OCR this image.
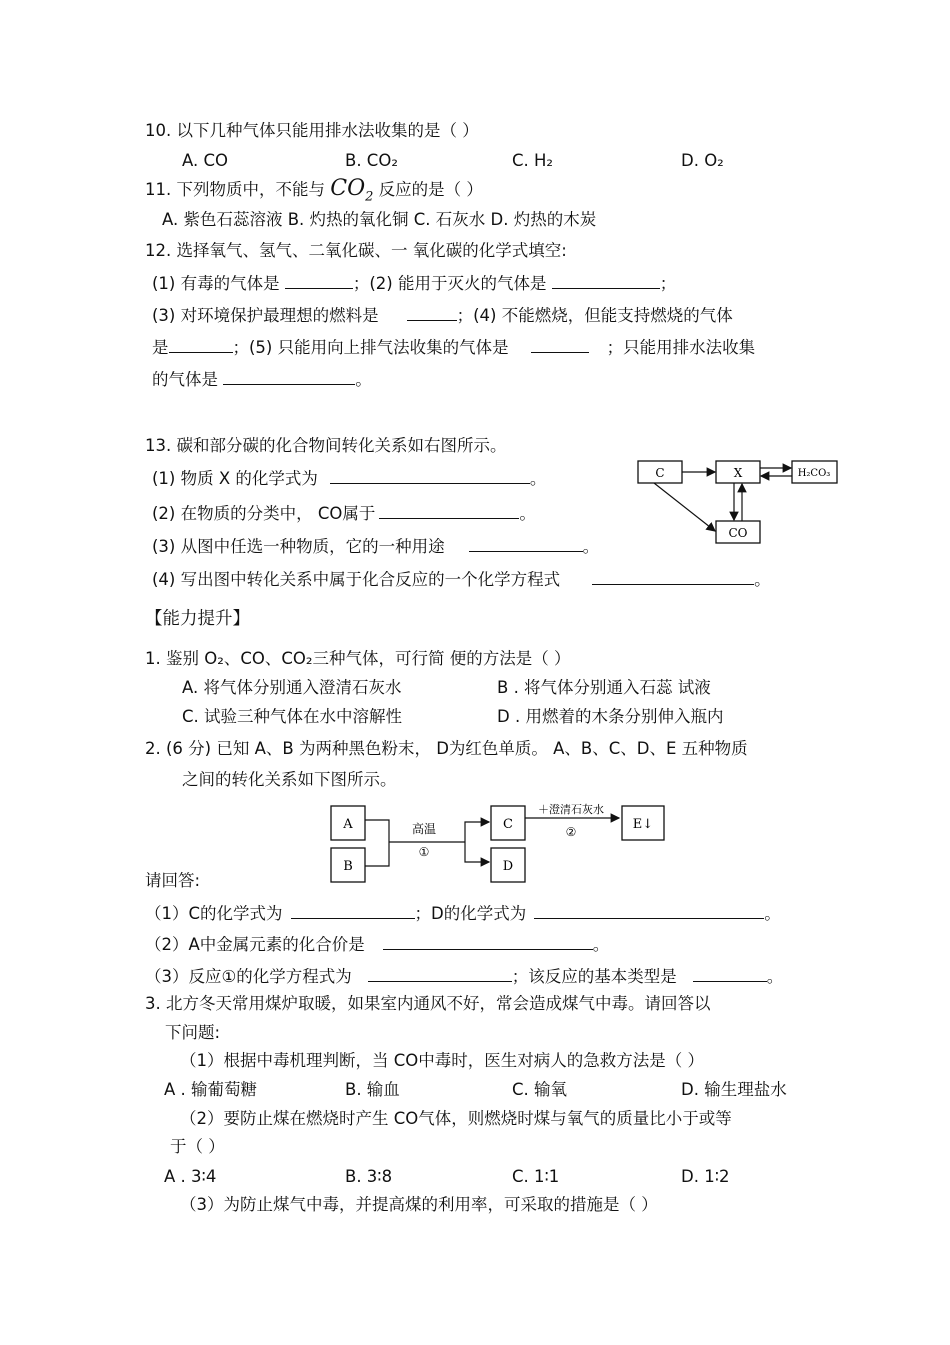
10. 以下几种气体只能用排水法收集的是（ ）
A. CO	B. CO₂	C. H₂	D. O₂
11. 下列物质中，不能与 $CO_2$ 反应的是（ ）
A. 紫色石蕊溶液 B. 灼热的氧化铜 C. 石灰水 D. 灼热的木炭
12. 选择氧气、氢气、二氧化碳、一 氧化碳的化学式填空:
(1) 有毒的气体是	；(2) 能用于灭火的气体是	；
(3) 对环境保护最理想的燃料是	；(4) 不能燃烧，但能支持燃烧的气体
是	；(5) 只能用向上排气法收集的气体是	；只能用排水法收集
的气体是	。
13. 碳和部分碳的化合物间转化关系如右图所示。
(1) 物质 X 的化学式为	。
(2) 在物质的分类中， CO属于	。
(3) 从图中任选一种物质，它的一种用途	。
(4) 写出图中转化关系中属于化合反应的一个化学方程式	。
C	X	H₂CO₃
CO
【能力提升】
1. 鉴别 O₂、CO、CO₂三种气体，可行简 便的方法是（ ）
A. 将气体分别通入澄清石灰水	B . 将气体分别通入石蕊 试液
C. 试验三种气体在水中溶解性	D . 用燃着的木条分别伸入瓶内
2. (6 分) 已知 A、B 为两种黑色粉末， D为红色单质。 A、B、C、D、E 五种物质
之间的转化关系如下图所示。
A
B
高温
①
C
D
＋澄清石灰水
②	E↓
请回答:
（1）C的化学式为	；D的化学式为	。
（2）A中金属元素的化合价是	。
（3）反应①的化学方程式为	；该反应的基本类型是	。
3. 北方冬天常用煤炉取暖，如果室内通风不好，常会造成煤气中毒。请回答以
下问题:
（1）根据中毒机理判断，当 CO中毒时，医生对病人的急救方法是（ ）
A . 输葡萄糖	B. 输血	C. 输氧	D. 输生理盐水
（2）要防止煤在燃烧时产生 CO气体，则燃烧时煤与氧气的质量比小于或等
于（ ）
A . 3∶4	B. 3∶8	C. 1∶1	D. 1∶2
（3）为防止煤气中毒，并提高煤的利用率，可采取的措施是（ ）
